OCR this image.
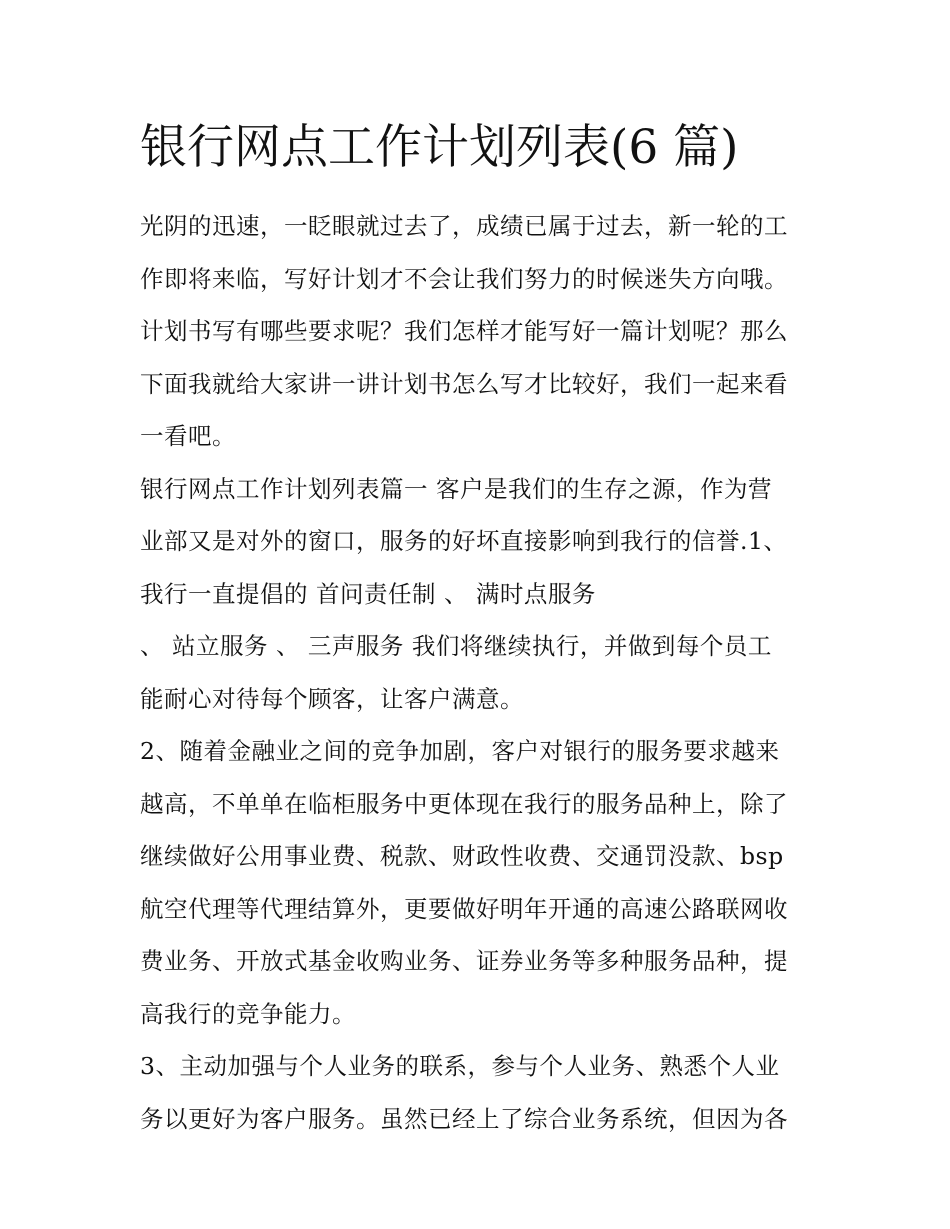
银行网点工作计划列表(6 篇)
光阴的迅速，一眨眼就过去了，成绩已属于过去，新一轮的工
作即将来临，写好计划才不会让我们努力的时候迷失方向哦。
计划书写有哪些要求呢？我们怎样才能写好一篇计划呢？那么
下面我就给大家讲一讲计划书怎么写才比较好，我们一起来看
一看吧。
银行网点工作计划列表篇一 客户是我们的生存之源，作为营
业部又是对外的窗口，服务的好坏直接影响到我行的信誉.1、
我行一直提倡的 首问责任制 、 满时点服务
、 站立服务 、 三声服务 我们将继续执行，并做到每个员工
能耐心对待每个顾客，让客户满意。
2、随着金融业之间的竞争加剧，客户对银行的服务要求越来
越高，不单单在临柜服务中更体现在我行的服务品种上，除了
继续做好公用事业费、税款、财政性收费、交通罚没款、bsp
航空代理等代理结算外，更要做好明年开通的高速公路联网收
费业务、开放式基金收购业务、证券业务等多种服务品种，提
高我行的竞争能力。
3、主动加强与个人业务的联系，参与个人业务、熟悉个人业
务以更好为客户服务。虽然已经上了综合业务系统，但因为各
